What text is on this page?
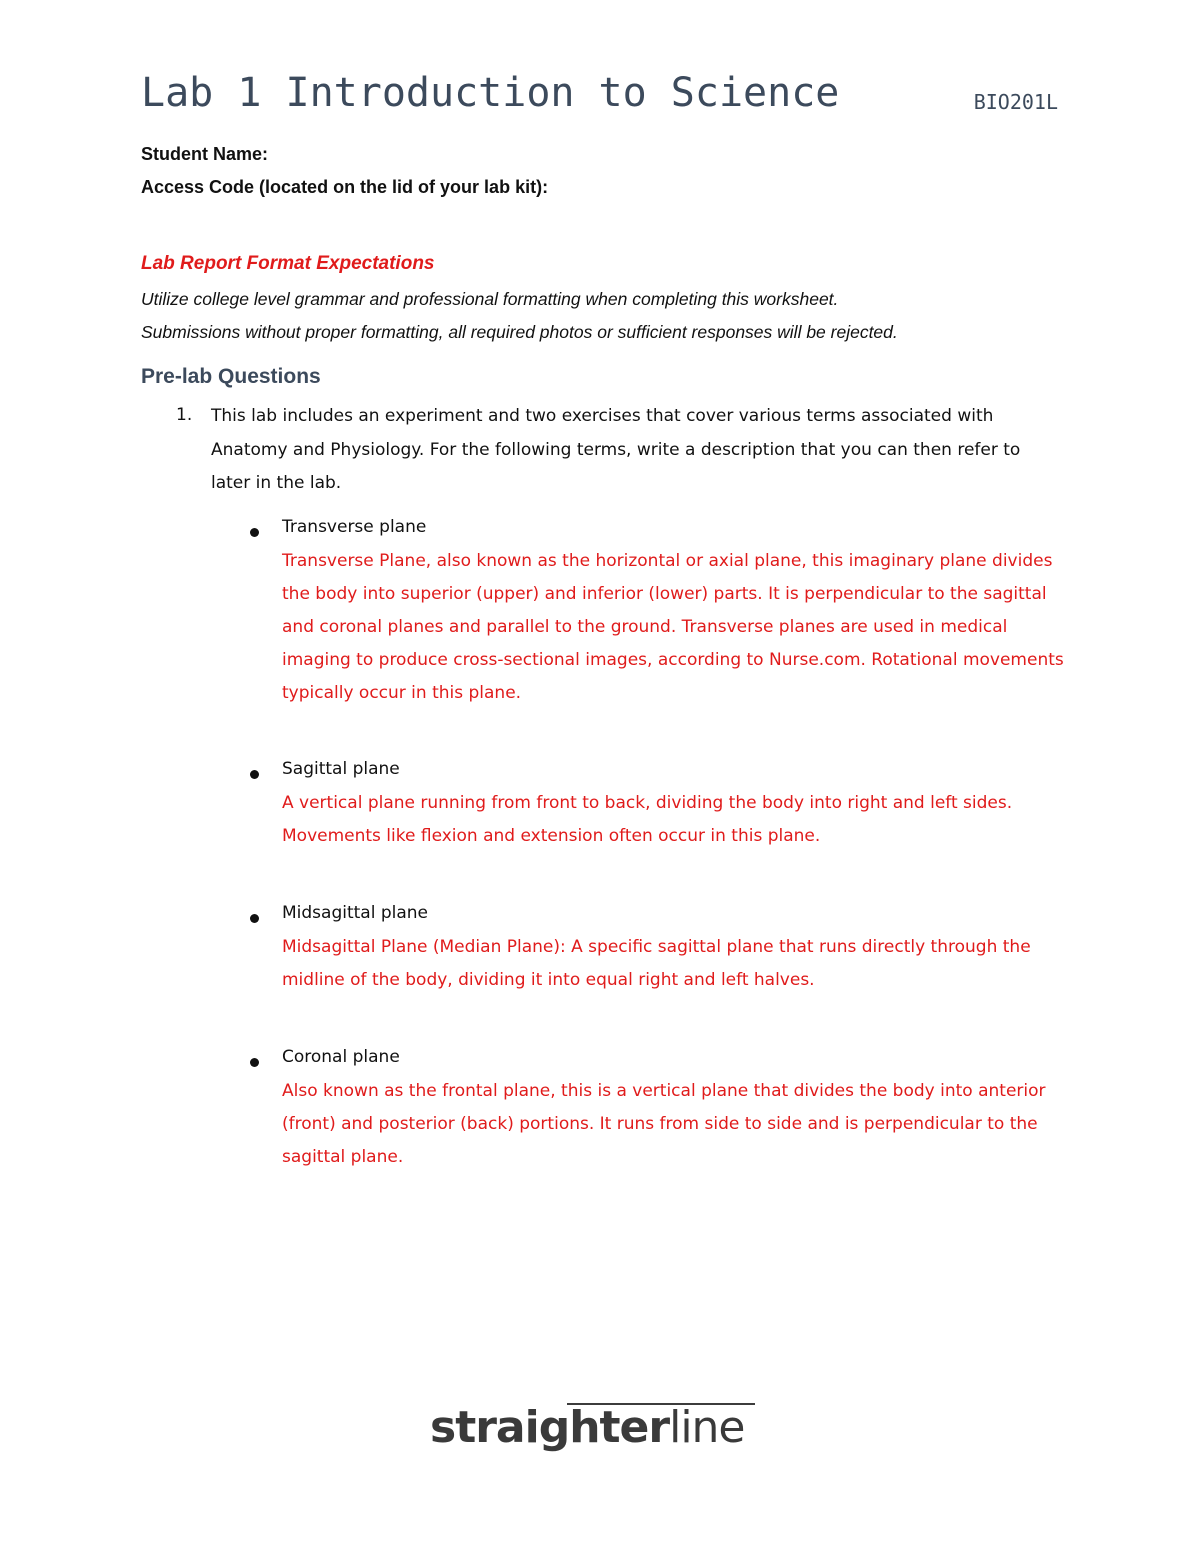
Lab 1 Introduction to Science	BIO201L
Student Name:
Access Code (located on the lid of your lab kit):
Lab Report Format Expectations
Utilize college level grammar and professional formatting when completing this worksheet.
Submissions without proper formatting, all required photos or sufficient responses will be rejected.
Pre-lab Questions
1. This lab includes an experiment and two exercises that cover various terms associated with Anatomy and Physiology. For the following terms, write a description that you can then refer to later in the lab.
Transverse plane
Transverse Plane, also known as the horizontal or axial plane, this imaginary plane divides the body into superior (upper) and inferior (lower) parts. It is perpendicular to the sagittal and coronal planes and parallel to the ground. Transverse planes are used in medical imaging to produce cross-sectional images, according to Nurse.com. Rotational movements typically occur in this plane.
Sagittal plane
A vertical plane running from front to back, dividing the body into right and left sides. Movements like flexion and extension often occur in this plane.
Midsagittal plane
Midsagittal Plane (Median Plane): A specific sagittal plane that runs directly through the midline of the body, dividing it into equal right and left halves.
Coronal plane
Also known as the frontal plane, this is a vertical plane that divides the body into anterior (front) and posterior (back) portions. It runs from side to side and is perpendicular to the sagittal plane.
straighterline
